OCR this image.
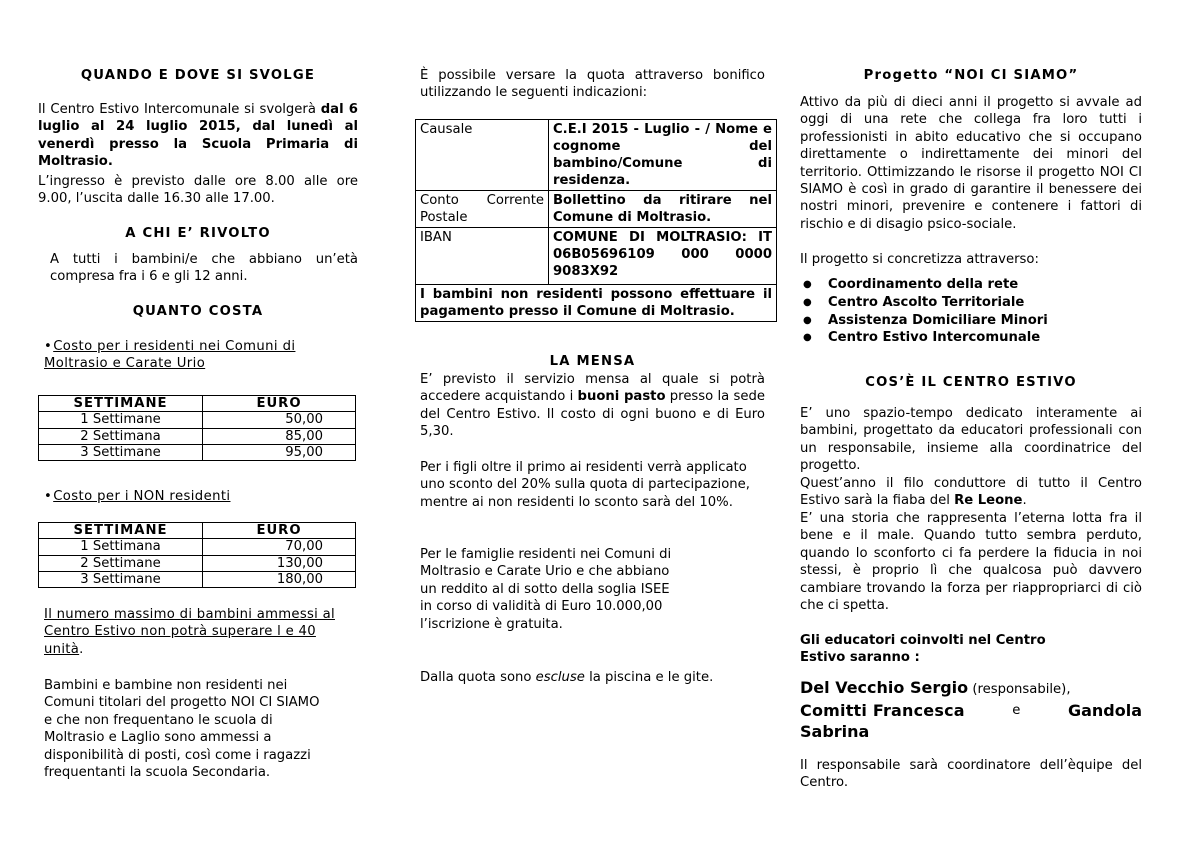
QUANDO E DOVE SI SVOLGE
Il Centro Estivo Intercomunale si svolgerà dal 6 luglio al 24 luglio 2015, dal lunedì al venerdì presso la Scuola Primaria di Moltrasio.
L’ingresso è previsto dalle ore 8.00 alle ore 9.00, l’uscita dalle 16.30 alle 17.00.
A CHI E’ RIVOLTO
A tutti i bambini/e che abbiano un’età compresa fra i 6 e gli 12 anni.
QUANTO COSTA
•Costo per i residenti nei Comuni di Moltrasio e Carate Urio
SETTIMANE	EURO
1 Settimane	50,00
2 Settimana	85,00
3 Settimane	95,00
•Costo per i NON residenti
SETTIMANE	EURO
1 Settimana	70,00
2 Settimane	130,00
3 Settimane	180,00
Il numero massimo di bambini ammessi al Centro Estivo non potrà superare l e 40 unità.
Bambini e bambine non residenti nei Comuni titolari del progetto NOI CI SIAMO e che non frequentano le scuola di Moltrasio e Laglio sono ammessi a disponibilità di posti, così come i ragazzi frequentanti la scuola Secondaria.
È possibile versare la quota attraverso bonifico utilizzando le seguenti indicazioni:
Causale	C.E.I 2015 - Luglio - / Nome e cognome del bambino/Comune di residenza.
Conto Corrente Postale	Bollettino da ritirare nel Comune di Moltrasio.
IBAN	COMUNE DI MOLTRASIO: IT 06B05696109 000 0000 9083X92
I bambini non residenti possono effettuare il pagamento presso il Comune di Moltrasio.	
LA MENSA
E’ previsto il servizio mensa al quale si potrà accedere acquistando i buoni pasto presso la sede del Centro Estivo. Il costo di ogni buono e di Euro 5,30.
Per i figli oltre il primo ai residenti verrà applicato uno sconto del 20% sulla quota di partecipazione, mentre ai non residenti lo sconto sarà del 10%.
Per le famiglie residenti nei Comuni di Moltrasio e Carate Urio e che abbiano un reddito al di sotto della soglia ISEE in corso di validità di Euro 10.000,00 l’iscrizione è gratuita.
Dalla quota sono escluse la piscina e le gite.
Progetto “NOI CI SIAMO”
Attivo da più di dieci anni il progetto si avvale ad oggi di una rete che collega fra loro tutti i professionisti in abito educativo che si occupano direttamente o indirettamente dei minori del territorio. Ottimizzando le risorse il progetto NOI CI SIAMO è così in grado di garantire il benessere dei nostri minori, prevenire e contenere i fattori di rischio e di disagio psico-sociale.
Il progetto si concretizza attraverso:
● Coordinamento della rete
● Centro Ascolto Territoriale
● Assistenza Domiciliare Minori
● Centro Estivo Intercomunale
COS’È IL CENTRO ESTIVO
E’ uno spazio-tempo dedicato interamente ai bambini, progettato da educatori professionali con un responsabile, insieme alla coordinatrice del progetto.
Quest’anno il filo conduttore di tutto il Centro Estivo sarà la fiaba del Re Leone.
E’ una storia che rappresenta l’eterna lotta fra il bene e il male. Quando tutto sembra perduto, quando lo sconforto ci fa perdere la fiducia in noi stessi, è proprio lì che qualcosa può davvero cambiare trovando la forza per riappropriarci di ciò che ci spetta.
Gli educatori coinvolti nel Centro Estivo saranno :
Del Vecchio Sergio (responsabile),
Comitti Francesca	e	Gandola
Sabrina
Il responsabile sarà coordinatore dell’èquipe del Centro.
